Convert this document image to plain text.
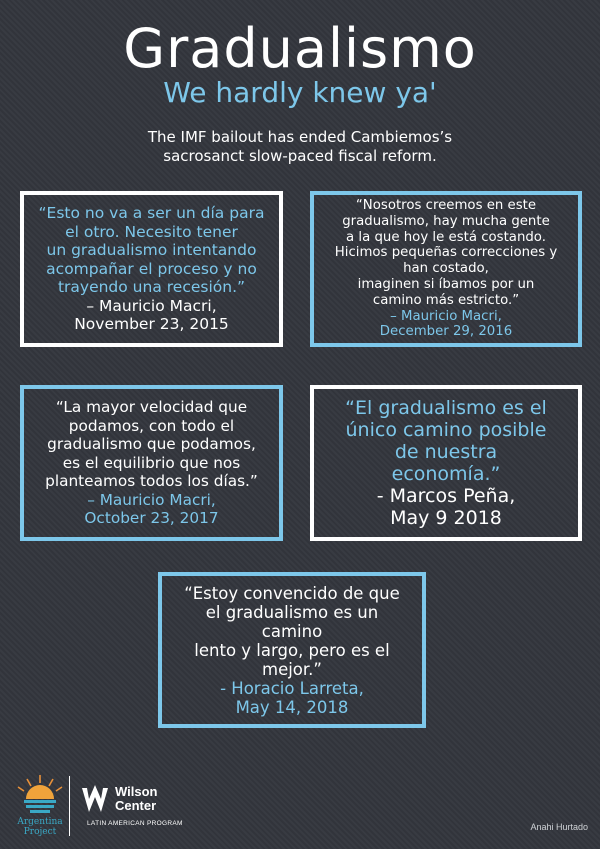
Gradualismo
We hardly knew ya'
The IMF bailout has ended Cambiemos’s
sacrosanct slow-paced fiscal reform.
“Esto no va a ser un día para
el otro. Necesito tener
un gradualismo intentando
acompañar el proceso y no
trayendo una recesión.”
– Mauricio Macri,
November 23, 2015
“Nosotros creemos en este
gradualismo, hay mucha gente
a la que hoy le está costando.
Hicimos pequeñas correcciones y
han costado,
imaginen si íbamos por un
camino más estricto.”
– Mauricio Macri,
December 29, 2016
“La mayor velocidad que
podamos, con todo el
gradualismo que podamos,
es el equilibrio que nos
planteamos todos los días.”
– Mauricio Macri,
October 23, 2017
“El gradualismo es el
único camino posible
de nuestra
economía.”
- Marcos Peña,
May 9 2018
“Estoy convencido de que
el gradualismo es un
camino
lento y largo, pero es el
mejor.”
- Horacio Larreta,
May 14, 2018
Argentina
Project
Wilson
Center
LATIN AMERICAN PROGRAM	Anahi Hurtado
